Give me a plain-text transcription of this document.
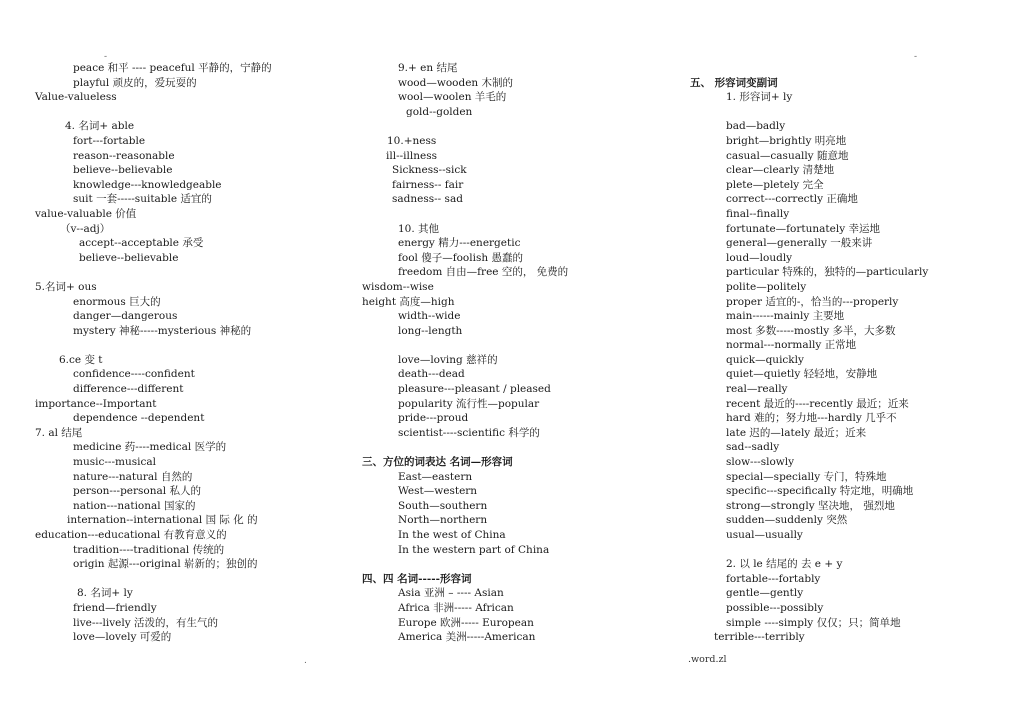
-	-
.
peace 和平 ---- peaceful 平静的，宁静的
playful 顽皮的，爱玩耍的
Value-valueless
4. 名词+ able
fort---fortable
reason--reasonable
believe--believable
knowledge---knowledgeable
suit 一套-----suitable 适宜的
value-valuable 价值
（v--adj）
accept--acceptable 承受
believe--believable
5.名词+ ous
enormous 巨大的
danger—dangerous
mystery 神秘-----mysterious 神秘的
6.ce 变 t
confidence----confident
difference---different
importance--Important
dependence --dependent
7. al 结尾
medicine 药----medical 医学的
music---musical
nature---natural 自然的
person---personal 私人的
nation---national 国家的
internation--international 国 际 化 的
education---educational 有教育意义的
tradition----traditional 传统的
origin 起源---original 崭新的；独创的
8. 名词+ ly
friend—friendly
live---lively 活泼的，有生气的
love—lovely 可爱的
9.+ en 结尾
wood—wooden 木制的
wool—woolen 羊毛的
gold--golden
10.+ness
ill--illness
Sickness--sick
fairness-- fair
sadness-- sad
10. 其他
energy 精力---energetic
fool 傻子—foolish 愚蠢的
freedom 自由—free 空的， 免费的
wisdom--wise
height 高度—high
width--wide
long--length
love—loving 慈祥的
death---dead
pleasure---pleasant / pleased
popularity 流行性—popular
pride---proud
scientist----scientific 科学的
三、方位的词表达 名词—形容词
East—eastern
West—western
South—southern
North—northern
In the west of China
In the western part of China
四、四 名词-----形容词
Asia 亚洲 – ---- Asian
Africa 非洲----- African
Europe 欧洲----- European
America 美洲-----American
五、 形容词变副词
1. 形容词+ ly
bad—badly
bright—brightly 明亮地
casual—casually 随意地
clear—clearly 清楚地
plete—pletely 完全
correct---correctly 正确地
final--finally
fortunate—fortunately 幸运地
general—generally 一般来讲
loud—loudly
particular 特殊的，独特的—particularly
polite—politely
proper 适宜的-，恰当的---properly
main------mainly 主要地
most 多数-----mostly 多半，大多数
normal---normally 正常地
quick—quickly
quiet—quietly 轻轻地，安静地
real—really
recent 最近的----recently 最近；近来
hard 难的；努力地---hardly 几乎不
late 迟的—lately 最近；近来
sad--sadly
slow---slowly
special—specially 专门，特殊地
specific---specifically 特定地，明确地
strong—strongly 坚决地， 强烈地
sudden—suddenly 突然
usual—usually
2. 以 le 结尾的 去 e + y
fortable---fortably
gentle—gently
possible---possibly
simple ----simply 仅仅；只；简单地
terrible---terribly
.word.zl
